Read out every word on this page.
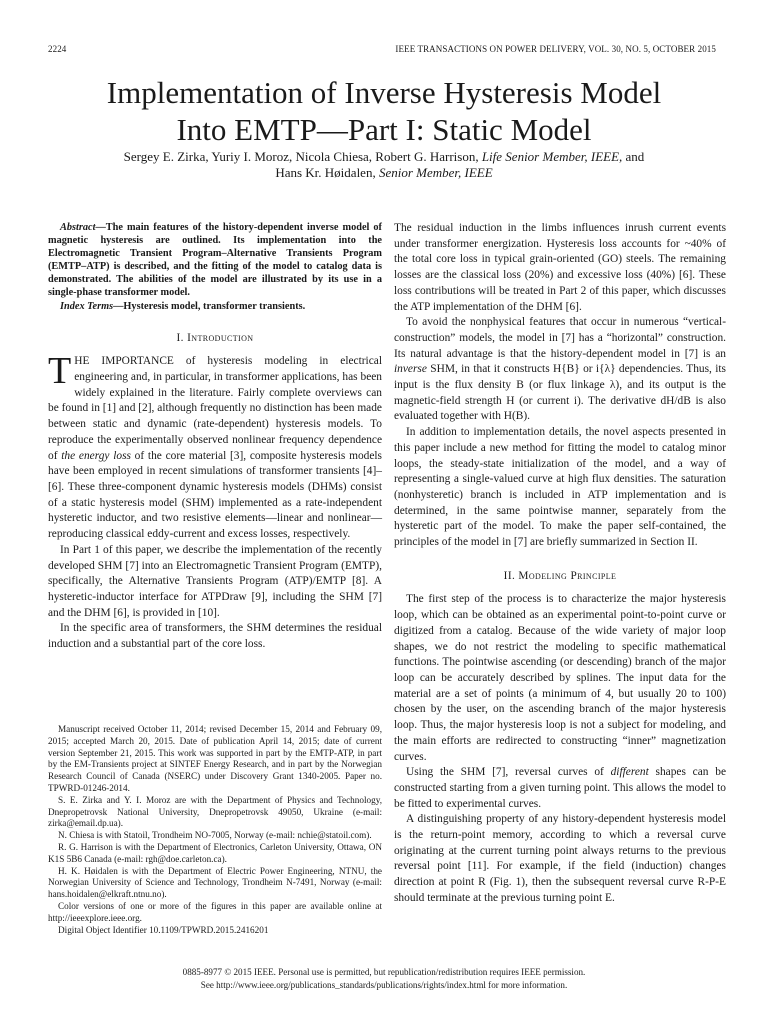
2224	IEEE TRANSACTIONS ON POWER DELIVERY, VOL. 30, NO. 5, OCTOBER 2015
Implementation of Inverse Hysteresis Model
Into EMTP—Part I: Static Model
Sergey E. Zirka, Yuriy I. Moroz, Nicola Chiesa, Robert G. Harrison, Life Senior Member, IEEE, and
Hans Kr. Høidalen, Senior Member, IEEE

Abstract—The main features of the history-dependent inverse model of magnetic hysteresis are outlined. Its implementation into the Electromagnetic Transient Program–Alternative Transients Program (EMTP–ATP) is described, and the fitting of the model to catalog data is demonstrated. The abilities of the model are illustrated by its use in a single-phase transformer model.

Index Terms—Hysteresis model, transformer transients.

I. Introduction

THE IMPORTANCE of hysteresis modeling in electrical engineering and, in particular, in transformer applications, has been widely explained in the literature. Fairly complete overviews can be found in [1] and [2], although frequently no distinction has been made between static and dynamic (rate-dependent) hysteresis models. To reproduce the experimentally observed nonlinear frequency dependence of the energy loss of the core material [3], composite hysteresis models have been employed in recent simulations of transformer transients [4]–[6]. These three-component dynamic hysteresis models (DHMs) consist of a static hysteresis model (SHM) implemented as a rate-independent hysteretic inductor, and two resistive elements—linear and nonlinear—reproducing classical eddy-current and excess losses, respectively.

In Part 1 of this paper, we describe the implementation of the recently developed SHM [7] into an Electromagnetic Transient Program (EMTP), specifically, the Alternative Transients Program (ATP)/EMTP [8]. A hysteretic-inductor interface for ATPDraw [9], including the SHM [7] and the DHM [6], is provided in [10].

In the specific area of transformers, the SHM determines the residual induction and a substantial part of the core loss.

Manuscript received October 11, 2014; revised December 15, 2014 and February 09, 2015; accepted March 20, 2015. Date of publication April 14, 2015; date of current version September 21, 2015. This work was supported in part by the EMTP-ATP, in part by the EM-Transients project at SINTEF Energy Research, and in part by the Norwegian Research Council of Canada (NSERC) under Discovery Grant 1340-2005. Paper no. TPWRD-01246-2014.

S. E. Zirka and Y. I. Moroz are with the Department of Physics and Technology, Dnepropetrovsk National University, Dnepropetrovsk 49050, Ukraine (e-mail: zirka@email.dp.ua).

N. Chiesa is with Statoil, Trondheim NO-7005, Norway (e-mail: nchie@statoil.com).

R. G. Harrison is with the Department of Electronics, Carleton University, Ottawa, ON K1S 5B6 Canada (e-mail: rgh@doe.carleton.ca).

H. K. Høidalen is with the Department of Electric Power Engineering, NTNU, the Norwegian University of Science and Technology, Trondheim N-7491, Norway (e-mail: hans.hoidalen@elkraft.ntnu.no).

Color versions of one or more of the figures in this paper are available online at http://ieeexplore.ieee.org.

Digital Object Identifier 10.1109/TPWRD.2015.2416201

The residual induction in the limbs influences inrush current events under transformer energization. Hysteresis loss accounts for ~40% of the total core loss in typical grain-oriented (GO) steels. The remaining losses are the classical loss (20%) and excessive loss (40%) [6]. These loss contributions will be treated in Part 2 of this paper, which discusses the ATP implementation of the DHM [6].

To avoid the nonphysical features that occur in numerous “vertical-construction” models, the model in [7] has a “horizontal” construction. Its natural advantage is that the history-dependent model in [7] is an inverse SHM, in that it constructs H{B} or i{λ} dependencies. Thus, its input is the flux density B (or flux linkage λ), and its output is the magnetic-field strength H (or current i). The derivative dH/dB is also evaluated together with H(B).

In addition to implementation details, the novel aspects presented in this paper include a new method for fitting the model to catalog minor loops, the steady-state initialization of the model, and a way of representing a single-valued curve at high flux densities. The saturation (nonhysteretic) branch is included in ATP implementation and is determined, in the same pointwise manner, separately from the hysteretic part of the model. To make the paper self-contained, the principles of the model in [7] are briefly summarized in Section II.

II. Modeling Principle

The first step of the process is to characterize the major hysteresis loop, which can be obtained as an experimental point-to-point curve or digitized from a catalog. Because of the wide variety of major loop shapes, we do not restrict the modeling to specific mathematical functions. The pointwise ascending (or descending) branch of the major loop can be accurately described by splines. The input data for the material are a set of points (a minimum of 4, but usually 20 to 100) chosen by the user, on the ascending branch of the major hysteresis loop. Thus, the major hysteresis loop is not a subject for modeling, and the main efforts are redirected to constructing “inner” magnetization curves.

Using the SHM [7], reversal curves of different shapes can be constructed starting from a given turning point. This allows the model to be fitted to experimental curves.

A distinguishing property of any history-dependent hysteresis model is the return-point memory, according to which a reversal curve originating at the current turning point always returns to the previous reversal point [11]. For example, if the field (induction) changes direction at point R (Fig. 1), then the subsequent reversal curve R-P-E should terminate at the previous turning point E.

0885-8977 © 2015 IEEE. Personal use is permitted, but republication/redistribution requires IEEE permission.
See http://www.ieee.org/publications_standards/publications/rights/index.html for more information.
